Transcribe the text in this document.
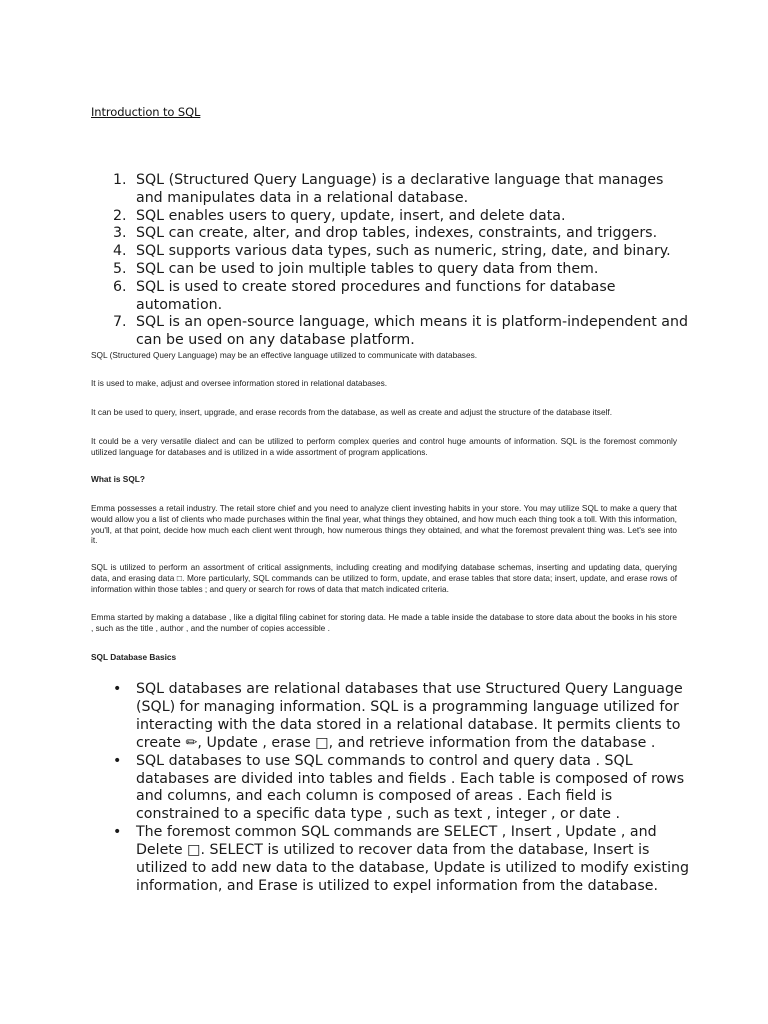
Introduction to SQL
1. SQL (Structured Query Language) is a declarative language that manages and manipulates data in a relational database.
2. SQL enables users to query, update, insert, and delete data.
3. SQL can create, alter, and drop tables, indexes, constraints, and triggers.
4. SQL supports various data types, such as numeric, string, date, and binary.
5. SQL can be used to join multiple tables to query data from them.
6. SQL is used to create stored procedures and functions for database automation.
7. SQL is an open-source language, which means it is platform-independent and can be used on any database platform.
SQL (Structured Query Language) may be an effective language utilized to communicate with databases.
It is used to make, adjust and oversee information stored in relational databases.
It can be used to query, insert, upgrade, and erase records from the database, as well as create and adjust the structure of the database itself.
It could be a very versatile dialect and can be utilized to perform complex queries and control huge amounts of information. SQL is the foremost commonly utilized language for databases and is utilized in a wide assortment of program applications.
What is SQL?
Emma possesses a retail industry. The retail store chief and you need to analyze client investing habits in your store. You may utilize SQL to make a query that would allow you a list of clients who made purchases within the final year, what things they obtained, and how much each thing took a toll. With this information, you'll, at that point, decide how much each client went through, how numerous things they obtained, and what the foremost prevalent thing was. Let's see into it.
SQL is utilized to perform an assortment of critical assignments, including creating and modifying database schemas, inserting and updating data, querying data, and erasing data □. More particularly, SQL commands can be utilized to form, update, and erase tables that store data; insert, update, and erase rows of information within those tables ; and query or search for rows of data that match indicated criteria.
Emma started by making a database , like a digital filing cabinet for storing data. He made a table inside the database to store data about the books in his store , such as the title , author , and the number of copies accessible .
SQL Database Basics
• SQL databases are relational databases that use Structured Query Language (SQL) for managing information. SQL is a programming language utilized for interacting with the data stored in a relational database. It permits clients to create ✏, Update , erase □, and retrieve information from the database .
• SQL databases to use SQL commands to control and query data . SQL databases are divided into tables and fields . Each table is composed of rows and columns, and each column is composed of areas . Each field is constrained to a specific data type , such as text , integer , or date .
• The foremost common SQL commands are SELECT , Insert , Update , and Delete □. SELECT is utilized to recover data from the database, Insert is utilized to add new data to the database, Update is utilized to modify existing information, and Erase is utilized to expel information from the database.
